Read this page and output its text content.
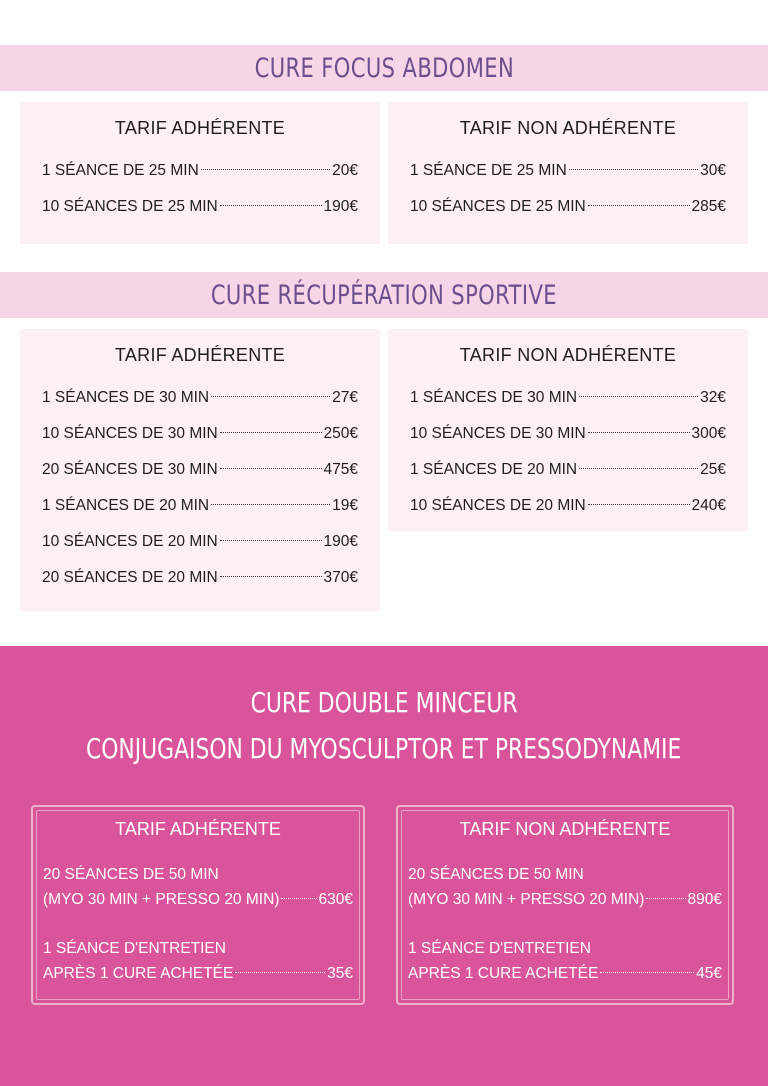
CURE FOCUS ABDOMEN
TARIF ADHÉRENTE
1 SÉANCE DE 25 MIN	20€
10 SÉANCES DE 25 MIN	190€
TARIF NON ADHÉRENTE
1 SÉANCE DE 25 MIN	30€
10 SÉANCES DE 25 MIN	285€
CURE RÉCUPÉRATION SPORTIVE
TARIF ADHÉRENTE
1 SÉANCES DE 30 MIN	27€
10 SÉANCES DE 30 MIN	250€
20 SÉANCES DE 30 MIN	475€
1 SÉANCES DE 20 MIN	19€
10 SÉANCES DE 20 MIN	190€
20 SÉANCES DE 20 MIN	370€
TARIF NON ADHÉRENTE
1 SÉANCES DE 30 MIN	32€
10 SÉANCES DE 30 MIN	300€
1 SÉANCES DE 20 MIN	25€
10 SÉANCES DE 20 MIN	240€
CURE DOUBLE MINCEUR
CONJUGAISON DU MYOSCULPTOR ET PRESSODYNAMIE
TARIF ADHÉRENTE
20 SÉANCES DE 50 MIN
(MYO 30 MIN + PRESSO 20 MIN)	630€
1 SÉANCE D'ENTRETIEN
APRÈS 1 CURE ACHETÉE	35€
TARIF NON ADHÉRENTE
20 SÉANCES DE 50 MIN
(MYO 30 MIN + PRESSO 20 MIN)	890€
1 SÉANCE D'ENTRETIEN
APRÈS 1 CURE ACHETÉE	45€
